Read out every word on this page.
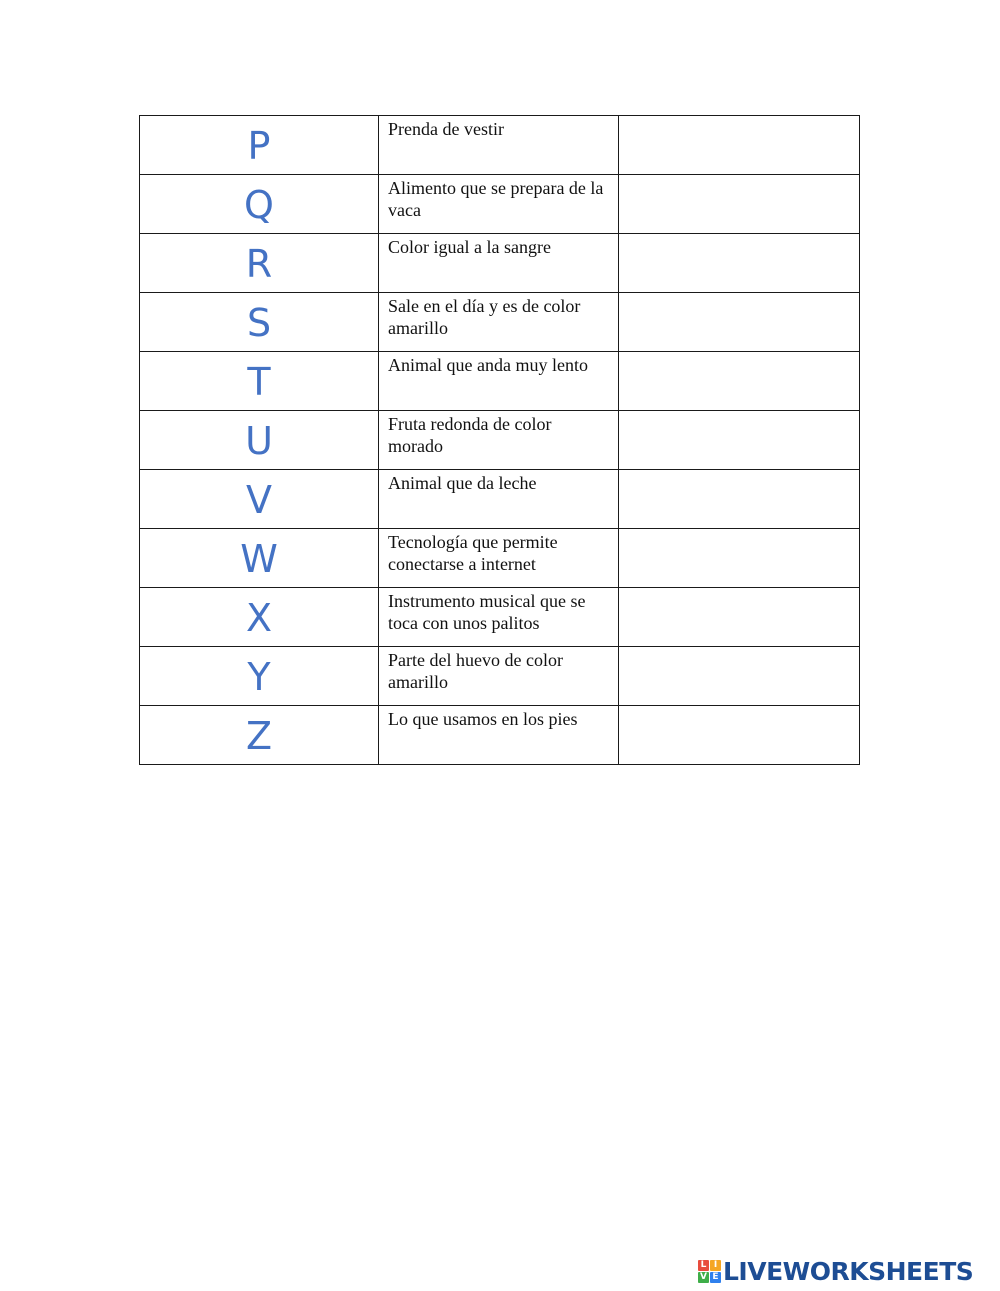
P	Prenda de vestir	

Q	Alimento que se prepara de la vaca	

R	Color igual a la sangre	

S	Sale en el día y es de color amarillo	

T	Animal que anda muy lento	

U	Fruta redonda de color morado	

V	Animal que da leche	

W	Tecnología que permite conectarse a internet	

X	Instrumento musical que se toca con unos palitos	

Y	Parte del huevo de color amarillo	

Z	Lo que usamos en los pies	

L I
V E LIVEWORKSHEETS
